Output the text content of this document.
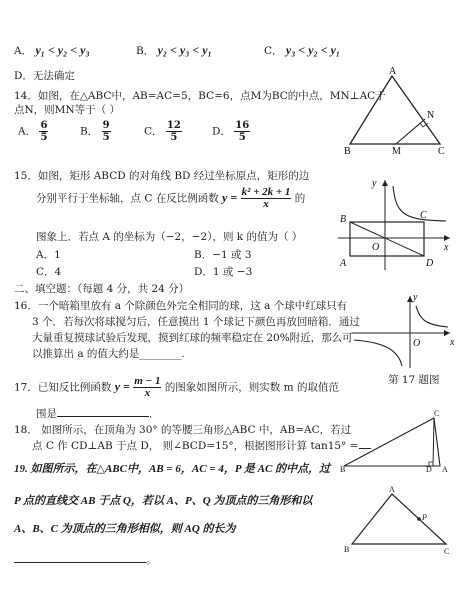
A． y₁ < y₂ < y₃	B． y₂ < y₃ < y₁	C． y₃ < y₂ < y₁
D．无法确定
14．如图，在△ABC中，AB=AC=5，BC=6，点M为BC的中点，MN⊥AC于
点N，则MN等于（ ）
A． $\frac{6}{5}$	B． $\frac{9}{5}$	C． $\frac{12}{5}$	D． $\frac{16}{5}$
A
B	M	C
N
15．如图，矩形 ABCD 的对角线 BD 经过坐标原点，矩形的边
分别平行于坐标轴，点 C 在反比例函数 $y = \frac{\text{k² + 2k + 1}}{x}$ 的
图象上．若点 A 的坐标为（−2，−2），则 k 的值为（ ）
A．1	B．−1 或 3
C．4	D．1 或 −3
y
x
O
B
A
C
D
二、填空题：（每题 4 分，共 24 分）
16．一个暗箱里放有 a 个除颜色外完全相同的球，这 a 个球中红球只有
3 个．若每次将球搅匀后，任意摸出 1 个球记下颜色再放回暗箱．通过
大量重复摸球试验后发现，摸到红球的频率稳定在 20%附近，那么可
以推算出 a 的值大约是________.
y
x
O
第 17 题图
17．已知反比例函数 $y = \frac{m - 1}{x}$ 的图象如图所示，则实数 m 的取值范
围是	．
18． 如图所示，在顶角为 30° 的等腰三角形△ABC 中，AB=AC，若过
点 C 作 CD⊥AB 于点 D， 则∠BCD=15°，根据图形计算 tan15° =
C
A
D
B
19. 如图所示，在△ABC中，AB = 6，AC = 4，P 是 AC 的中点，过
P 点的直线交 AB 于点 Q，若以 A、P、Q 为顶点的三角形和以
A、B、C 为顶点的三角形相似，则 AQ 的长为
。
A
B	C
P
